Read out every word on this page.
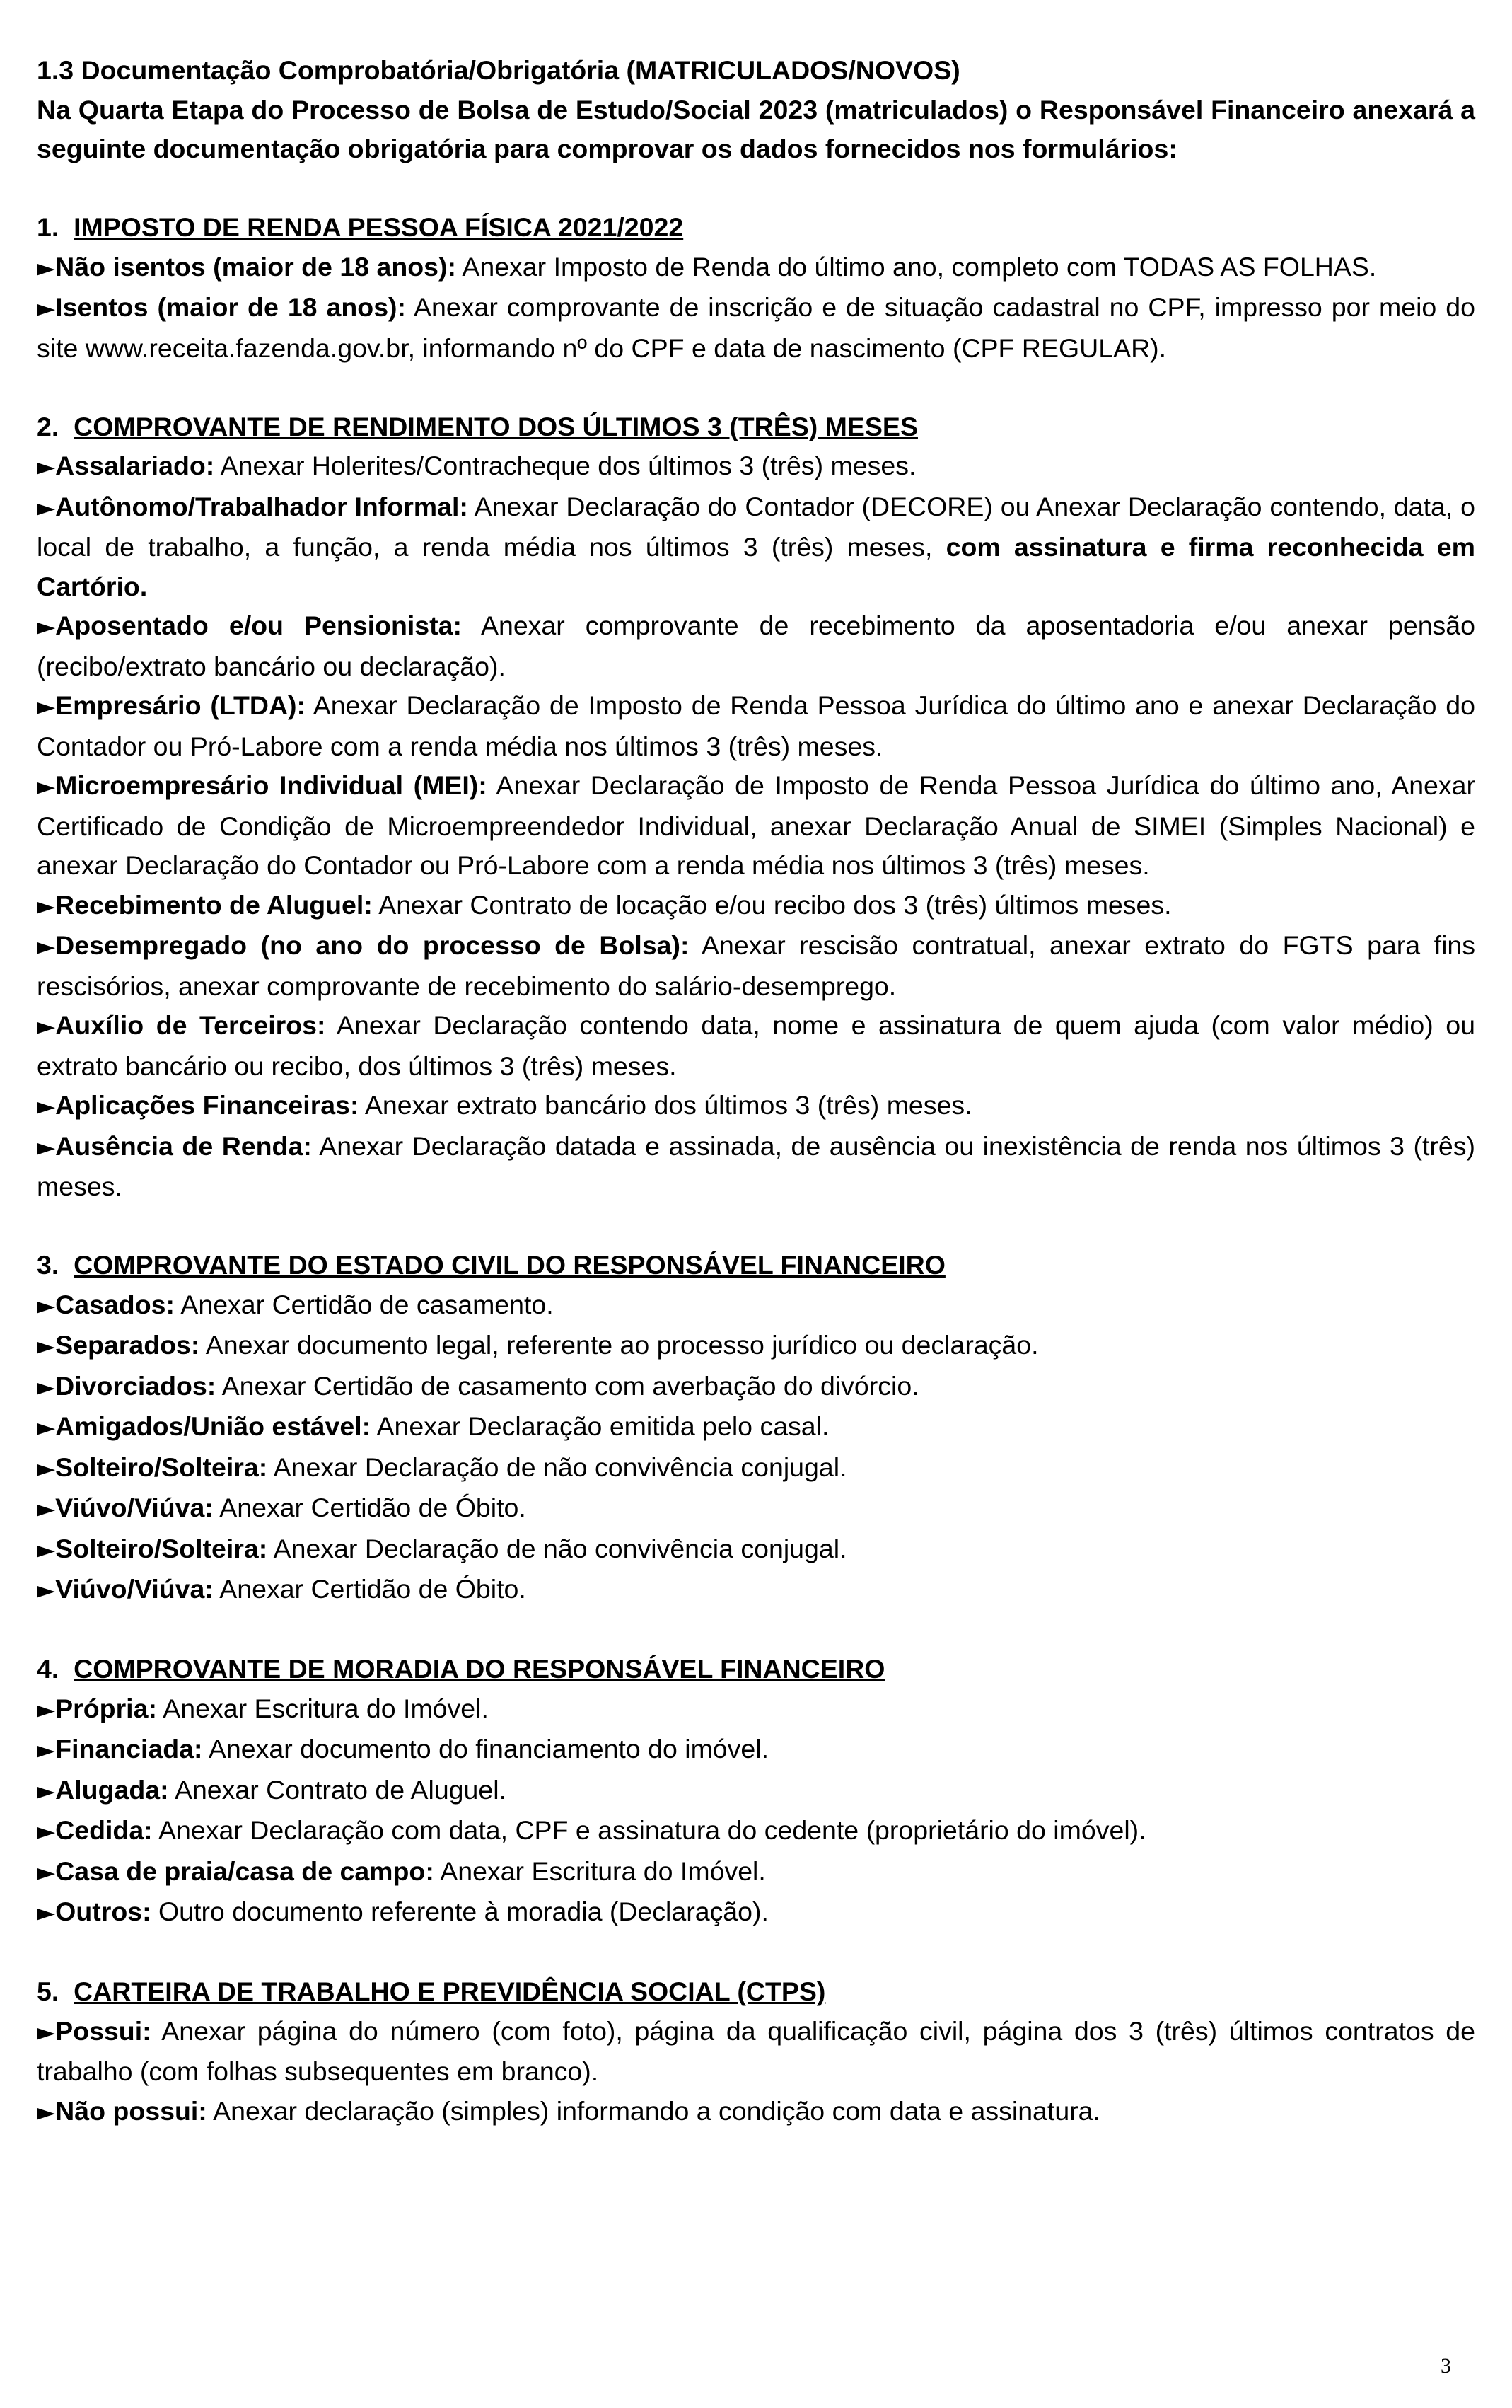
1.3 Documentação Comprobatória/Obrigatória (MATRICULADOS/NOVOS)

Na Quarta Etapa do Processo de Bolsa de Estudo/Social 2023 (matriculados) o Responsável Financeiro anexará a seguinte documentação obrigatória para comprovar os dados fornecidos nos formulários:

1. IMPOSTO DE RENDA PESSOA FÍSICA 2021/2022

►Não isentos (maior de 18 anos): Anexar Imposto de Renda do último ano, completo com TODAS AS FOLHAS.

►Isentos (maior de 18 anos): Anexar comprovante de inscrição e de situação cadastral no CPF, impresso por meio do site www.receita.fazenda.gov.br, informando nº do CPF e data de nascimento (CPF REGULAR).

2. COMPROVANTE DE RENDIMENTO DOS ÚLTIMOS 3 (TRÊS) MESES

►Assalariado: Anexar Holerites/Contracheque dos últimos 3 (três) meses.

►Autônomo/Trabalhador Informal: Anexar Declaração do Contador (DECORE) ou Anexar Declaração contendo, data, o local de trabalho, a função, a renda média nos últimos 3 (três) meses, com assinatura e firma reconhecida em Cartório.

►Aposentado e/ou Pensionista: Anexar comprovante de recebimento da aposentadoria e/ou anexar pensão (recibo/extrato bancário ou declaração).

►Empresário (LTDA): Anexar Declaração de Imposto de Renda Pessoa Jurídica do último ano e anexar Declaração do Contador ou Pró-Labore com a renda média nos últimos 3 (três) meses.

►Microempresário Individual (MEI): Anexar Declaração de Imposto de Renda Pessoa Jurídica do último ano, Anexar Certificado de Condição de Microempreendedor Individual, anexar Declaração Anual de SIMEI (Simples Nacional) e anexar Declaração do Contador ou Pró-Labore com a renda média nos últimos 3 (três) meses.

►Recebimento de Aluguel: Anexar Contrato de locação e/ou recibo dos 3 (três) últimos meses.

►Desempregado (no ano do processo de Bolsa): Anexar rescisão contratual, anexar extrato do FGTS para fins rescisórios, anexar comprovante de recebimento do salário-desemprego.

►Auxílio de Terceiros: Anexar Declaração contendo data, nome e assinatura de quem ajuda (com valor médio) ou extrato bancário ou recibo, dos últimos 3 (três) meses.

►Aplicações Financeiras: Anexar extrato bancário dos últimos 3 (três) meses.

►Ausência de Renda: Anexar Declaração datada e assinada, de ausência ou inexistência de renda nos últimos 3 (três) meses.

3. COMPROVANTE DO ESTADO CIVIL DO RESPONSÁVEL FINANCEIRO

►Casados: Anexar Certidão de casamento.

►Separados: Anexar documento legal, referente ao processo jurídico ou declaração.

►Divorciados: Anexar Certidão de casamento com averbação do divórcio.

►Amigados/União estável: Anexar Declaração emitida pelo casal.

►Solteiro/Solteira: Anexar Declaração de não convivência conjugal.

►Viúvo/Viúva: Anexar Certidão de Óbito.

►Solteiro/Solteira: Anexar Declaração de não convivência conjugal.

►Viúvo/Viúva: Anexar Certidão de Óbito.

4. COMPROVANTE DE MORADIA DO RESPONSÁVEL FINANCEIRO

►Própria: Anexar Escritura do Imóvel.

►Financiada: Anexar documento do financiamento do imóvel.

►Alugada: Anexar Contrato de Aluguel.

►Cedida: Anexar Declaração com data, CPF e assinatura do cedente (proprietário do imóvel).

►Casa de praia/casa de campo: Anexar Escritura do Imóvel.

►Outros: Outro documento referente à moradia (Declaração).

5. CARTEIRA DE TRABALHO E PREVIDÊNCIA SOCIAL (CTPS)

►Possui: Anexar página do número (com foto), página da qualificação civil, página dos 3 (três) últimos contratos de trabalho (com folhas subsequentes em branco).

►Não possui: Anexar declaração (simples) informando a condição com data e assinatura.

3
